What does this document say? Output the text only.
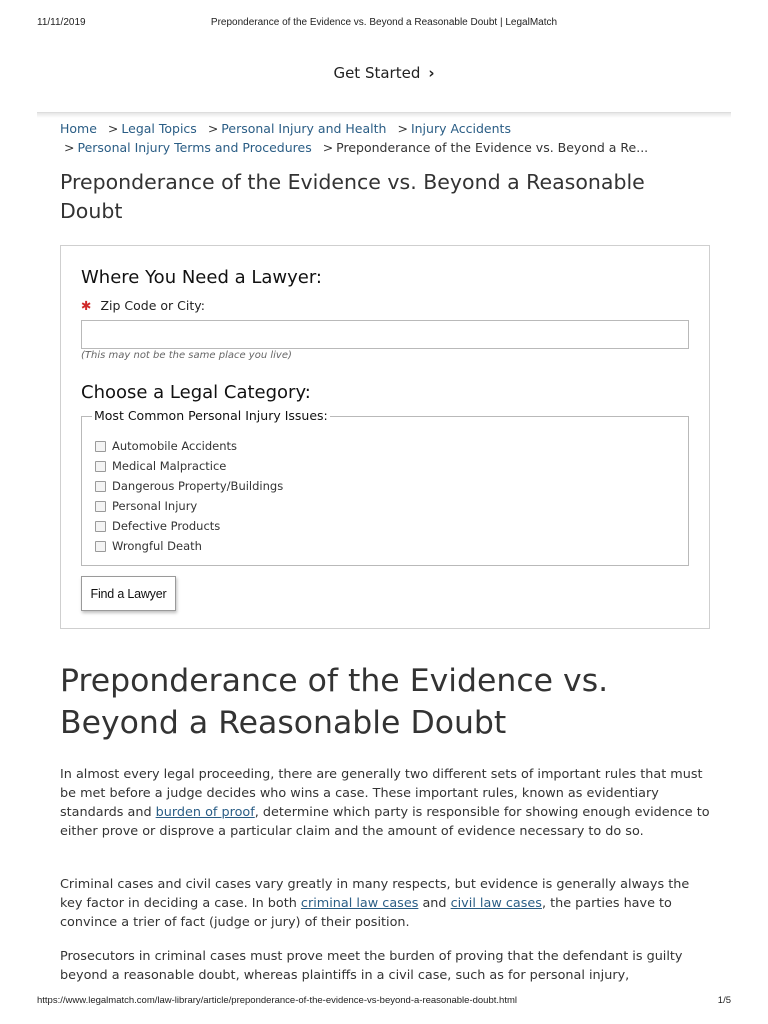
11/11/2019	Preponderance of the Evidence vs. Beyond a Reasonable Doubt | LegalMatch
Get Started ›
Home > Legal Topics > Personal Injury and Health > Injury Accidents
> Personal Injury Terms and Procedures > Preponderance of the Evidence vs. Beyond a Re...
Preponderance of the Evidence vs. Beyond a Reasonable Doubt
Where You Need a Lawyer:
✱ Zip Code or City:
(This may not be the same place you live)
Choose a Legal Category:
Most Common Personal Injury Issues:
Automobile Accidents
Medical Malpractice
Dangerous Property/Buildings
Personal Injury
Defective Products
Wrongful Death
Find a Lawyer
Preponderance of the Evidence vs. Beyond a Reasonable Doubt

In almost every legal proceeding, there are generally two different sets of important rules that must be met before a judge decides who wins a case. These important rules, known as evidentiary standards and burden of proof, determine which party is responsible for showing enough evidence to either prove or disprove a particular claim and the amount of evidence necessary to do so.

Criminal cases and civil cases vary greatly in many respects, but evidence is generally always the key factor in deciding a case. In both criminal law cases and civil law cases, the parties have to convince a trier of fact (judge or jury) of their position.

Prosecutors in criminal cases must prove meet the burden of proving that the defendant is guilty beyond a reasonable doubt, whereas plaintiffs in a civil case, such as for personal injury,

https://www.legalmatch.com/law-library/article/preponderance-of-the-evidence-vs-beyond-a-reasonable-doubt.html	1/5
